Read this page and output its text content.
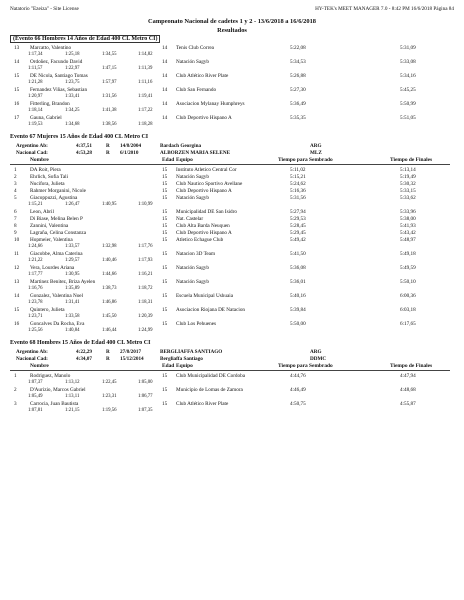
Natatorio "Ezeiza" - Site License	HY-TEK's MEET MANAGER 7.0 - 8:42 PM 16/6/2018 Página 84
Campeonato Nacional de cadetes 1 y 2 - 13/6/2018 a 16/6/2018
Resultados
(Evento 66 Hombres 14 Años de Edad 400 CL Metro CI)
13 Marcatto, Valentino	14 Tenis Club Correa	5:22,08	5:31,09
1:17,34	1:25,18	1:34,55	1:14,82
14 Ordoñez, Facundo David	14 Natación Sagyb	5:34,53	5:33,08
1:11,57	1:22,97	1:47,15	1:11,39
15 DE Nicola, Santiago Tomas	14 Club Atlético River Plate	5:26,88	5:34,16
1:21,28	1:23,75	1:57,97	1:11,16
15 Fernandez Viñas, Sebastian	14 Club San Fernando	5:27,30	5:45,25
1:20,97	1:33,41	1:31,56	1:19,41
16 Fitterling, Brandon	14 Asociacion Mylanay Humphreys	5:36,49	5:50,99
1:18,14	1:34,25	1:41,38	1:17,22
17 Gauna, Gabriel	14 Club Deportivo Hispano A	5:35,35	5:51,05
1:19,53	1:34,68	1:38,56	1:18,28
Evento 67 Mujeres 15 Años de Edad 400 CL Metro CI
Argentino Ab:	4:37,51	R 14/8/2004	Bardach Georgina	ARG
Nacional Cad:	4:53,28	R 6/1/2010	ALBORZEN MARIA SELENE	MLZ
Nombre	Edad Equipo	Tiempo para Sembrado	Tiempo de Finales
1	DA Roit, Piera	15 Instituto Atletico Central Cor	5:11,02	5:13,14
2	Ehrlich, Sofia Tali	15 Natación Sagyb	5:15,21	5:19,49
3	Nucifora, Julieta	15 Club Nautico Sportivo Avellane	5:24,62	5:30,32
4	Rahmer Morganini, Nicole	15 Club Deportivo Hispano A	5:16,36	5:33,15
5	Giacoppuzzi, Agustina	15 Natación Sagyb	5:31,56	5:33,62
1:15,21	1:26,47	1:40,95	1:10,99
6	Leon, Abril	15 Municipalidad DE San Isidro	5:27,94	5:33,96
7	Di Biase, Melina Belen P	15 Nat. Castelar	5:29,53	5:38,00
8	Zannini, Valentina	15 Club Alta Barda Neuquen	5:28,45	5:41,93
9	Lagraña, Celina Constanza	15 Club Deportivo Hispano A	5:29,45	5:43,42
10 Hopmeier, Valentina	15 Atletico Echague Club	5:49,42	5:48,97
1:24,66	1:33,57	1:32,98	1:17,76
11 Giacobbe, Alma Caterina	15 Natacion 3D Team	5:41,50	5:49,18
1:21,22	1:29,57	1:40,46	1:17,93
12 Vera, Lourdes Ariana	15 Natación Sagyb	5:36,08	5:49,59
1:17,77	1:30,95	1:44,66	1:16,21
13 Martinez Benitez, Briza Ayelen	15 Natación Sagyb	5:36,01	5:50,10
1:16,76	1:35,89	1:38,73	1:18,72
14 Gonzalez, Valentina Noel	15 Escuela Municipal Ushuaia	5:40,16	6:00,36
1:23,78	1:31,41	1:46,86	1:18,31
15 Quintero, Julieta	15 Asociacion Riojana DE Natacion	5:39,84	6:03,18
1:23,71	1:33,58	1:45,50	1:20,39
16 Goncalves Da Rocha, Eva	15 Club Los Pehuenes	5:50,00	6:17,65
1:25,56	1:40,84	1:46,44	1:24,99
Evento 68 Hombres 15 Años de Edad 400 CL Metro CI
Argentino Ab:	4:22,29	R 27/8/2017	BERGLIAFFA SANTIAGO	ARG
Nacional Cad:	4:34,07	R 15/12/2014	Bergliaffa Santiago	DDMC
Nombre	Edad Equipo	Tiempo para Sembrado	Tiempo de Finales
1	Rodriguez, Manolo	15 Club Municipalidad DE Cordoba	4:44,76	4:47,94
1:07,37	1:13,12	1:22,45	1:05,00
2	D'Aurizio, Marcos Gabriel	15 Municipio de Lomas de Zamora	4:46,49	4:48,68
1:05,49	1:13,11	1:23,31	1:06,77
3	Carrocia, Juan Bautista	15 Club Atlético River Plate	4:50,75	4:55,87
1:07,81	1:21,15	1:19,56	1:07,35
